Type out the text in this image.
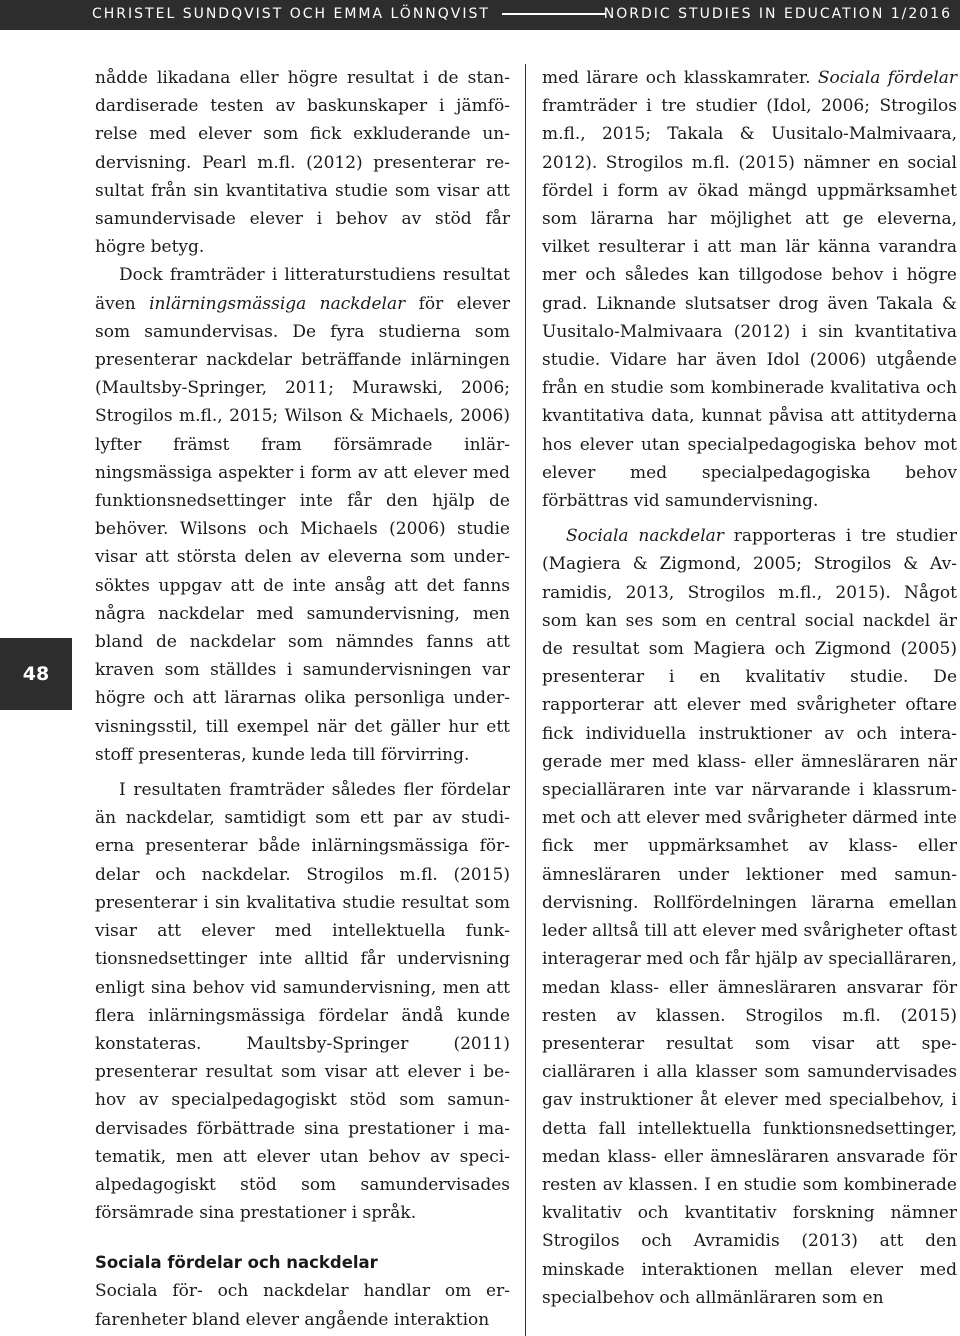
CHRISTEL SUNDQVIST OCH EMMA LÖNNQVIST	NORDIC STUDIES IN EDUCATION 1/2016
48

nådde likadana eller högre resultat i de standardiserade testen av baskunskaper i jämförelse med elever som fick exkluderande undervisning. Pearl m.fl. (2012) presenterar resultat från sin kvantitativa studie som visar att samundervisade elever i behov av stöd får högre betyg.

Dock framträder i litteraturstudiens resultat även inlärningsmässiga nackdelar för elever som samundervisas. De fyra studierna som presenterar nackdelar beträffande inlärningen (Maultsby-Springer, 2011; Murawski, 2006; Strogilos m.fl., 2015; Wilson & Michaels, 2006) lyfter främst fram försämrade inlärningsmässiga aspekter i form av att elever med funktionsnedsettinger inte får den hjälp de behöver. Wilsons och Michaels (2006) studie visar att största delen av eleverna som undersöktes uppgav att de inte ansåg att det fanns några nackdelar med samundervisning, men bland de nackdelar som nämndes fanns att kraven som ställdes i samundervisningen var högre och att lärarnas olika personliga undervisningsstil, till exempel när det gäller hur ett stoff presenteras, kunde leda till förvirring.

I resultaten framträder således fler fördelar än nackdelar, samtidigt som ett par av studierna presenterar både inlärningsmässiga fördelar och nackdelar. Strogilos m.fl. (2015) presenterar i sin kvalitativa studie resultat som visar att elever med intellektuella funktionsnedsettinger inte alltid får undervisning enligt sina behov vid samundervisning, men att flera inlärningsmässiga fördelar ändå kunde konstateras. Maultsby-Springer (2011) presenterar resultat som visar att elever i behov av specialpedagogiskt stöd som samundervisades förbättrade sina prestationer i matematik, men att elever utan behov av specialpedagogiskt stöd som samundervisades försämrade sina prestationer i språk.

Sociala fördelar och nackdelar

Sociala för- och nackdelar handlar om erfarenheter bland elever angående interaktion

med lärare och klasskamrater. Sociala fördelar framträder i tre studier (Idol, 2006; Strogilos m.fl., 2015; Takala & Uusitalo-Malmivaara, 2012). Strogilos m.fl. (2015) nämner en social fördel i form av ökad mängd uppmärksamhet som lärarna har möjlighet att ge eleverna, vilket resulterar i att man lär känna varandra mer och således kan tillgodose behov i högre grad. Liknande slutsatser drog även Takala & Uusitalo-Malmivaara (2012) i sin kvantitativa studie. Vidare har även Idol (2006) utgående från en studie som kombinerade kvalitativa och kvantitativa data, kunnat påvisa att attityderna hos elever utan specialpedagogiska behov mot elever med specialpedagogiska behov förbättras vid samundervisning.

Sociala nackdelar rapporteras i tre studier (Magiera & Zigmond, 2005; Strogilos & Avramidis, 2013, Strogilos m.fl., 2015). Något som kan ses som en central social nackdel är de resultat som Magiera och Zigmond (2005) presenterar i en kvalitativ studie. De rapporterar att elever med svårigheter oftare fick individuella instruktioner av och interagerade mer med klass- eller ämnesläraren när specialläraren inte var närvarande i klassrummet och att elever med svårigheter därmed inte fick mer uppmärksamhet av klass- eller ämnesläraren under lektioner med samundervisning. Rollfördelningen lärarna emellan leder alltså till att elever med svårigheter oftast interagerar med och får hjälp av specialläraren, medan klass- eller ämnesläraren ansvarar för resten av klassen. Strogilos m.fl. (2015) presenterar resultat som visar att specialläraren i alla klasser som samundervisades gav instruktioner åt elever med specialbehov, i detta fall intellektuella funktionsnedsettinger, medan klass- eller ämnesläraren ansvarade för resten av klassen. I en studie som kombinerade kvalitativ och kvantitativ forskning nämner Strogilos och Avramidis (2013) att den minskade interaktionen mellan elever med specialbehov och allmänläraren som en
